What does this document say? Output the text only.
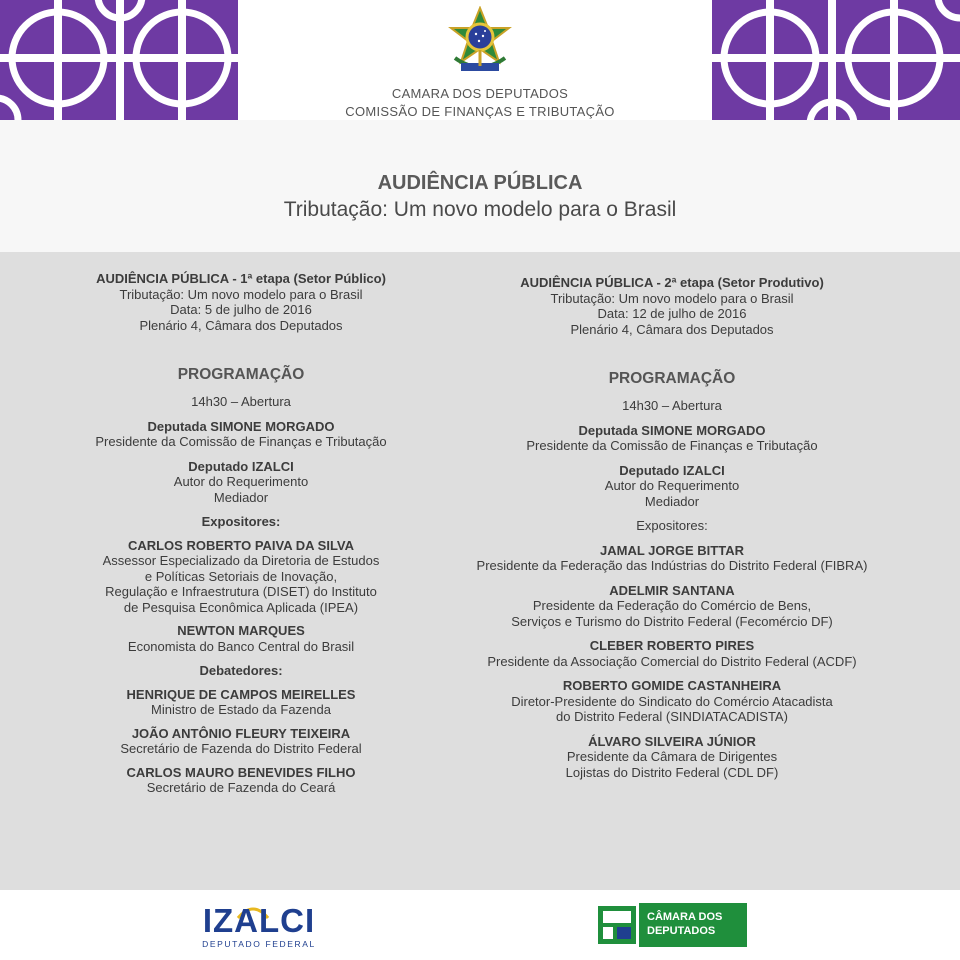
CAMARA DOS DEPUTADOS
COMISSÃO DE FINANÇAS E TRIBUTAÇÃO
AUDIÊNCIA PÚBLICA
Tributação: Um novo modelo para o Brasil
AUDIÊNCIA PÚBLICA - 1ª etapa (Setor Público)
Tributação: Um novo modelo para o Brasil
Data: 5 de julho de 2016
Plenário 4, Câmara dos Deputados
PROGRAMAÇÃO
14h30 – Abertura
Deputada SIMONE MORGADO
Presidente da Comissão de Finanças e Tributação
Deputado IZALCI
Autor do Requerimento
Mediador
Expositores:
CARLOS ROBERTO PAIVA DA SILVA
Assessor Especializado da Diretoria de Estudos
e Políticas Setoriais de Inovação,
Regulação e Infraestrutura (DISET) do Instituto
de Pesquisa Econômica Aplicada (IPEA)
NEWTON MARQUES
Economista do Banco Central do Brasil
Debatedores:
HENRIQUE DE CAMPOS MEIRELLES
Ministro de Estado da Fazenda
JOÃO ANTÔNIO FLEURY TEIXEIRA
Secretário de Fazenda do Distrito Federal
CARLOS MAURO BENEVIDES FILHO
Secretário de Fazenda do Ceará
AUDIÊNCIA PÚBLICA - 2ª etapa (Setor Produtivo)
Tributação: Um novo modelo para o Brasil
Data: 12 de julho de 2016
Plenário 4, Câmara dos Deputados
PROGRAMAÇÃO
14h30 – Abertura
Deputada SIMONE MORGADO
Presidente da Comissão de Finanças e Tributação
Deputado IZALCI
Autor do Requerimento
Mediador
Expositores:
JAMAL JORGE BITTAR
Presidente da Federação das Indústrias do Distrito Federal (FIBRA)
ADELMIR SANTANA
Presidente da Federação do Comércio de Bens,
Serviços e Turismo do Distrito Federal (Fecomércio DF)
CLEBER ROBERTO PIRES
Presidente da Associação Comercial do Distrito Federal (ACDF)
ROBERTO GOMIDE CASTANHEIRA
Diretor-Presidente do Sindicato do Comércio Atacadista
do Distrito Federal (SINDIATACADISTA)
ÁLVARO SILVEIRA JÚNIOR
Presidente da Câmara de Dirigentes
Lojistas do Distrito Federal (CDL DF)
IZALCI
DEPUTADO FEDERAL
CÂMARA DOS
DEPUTADOS
